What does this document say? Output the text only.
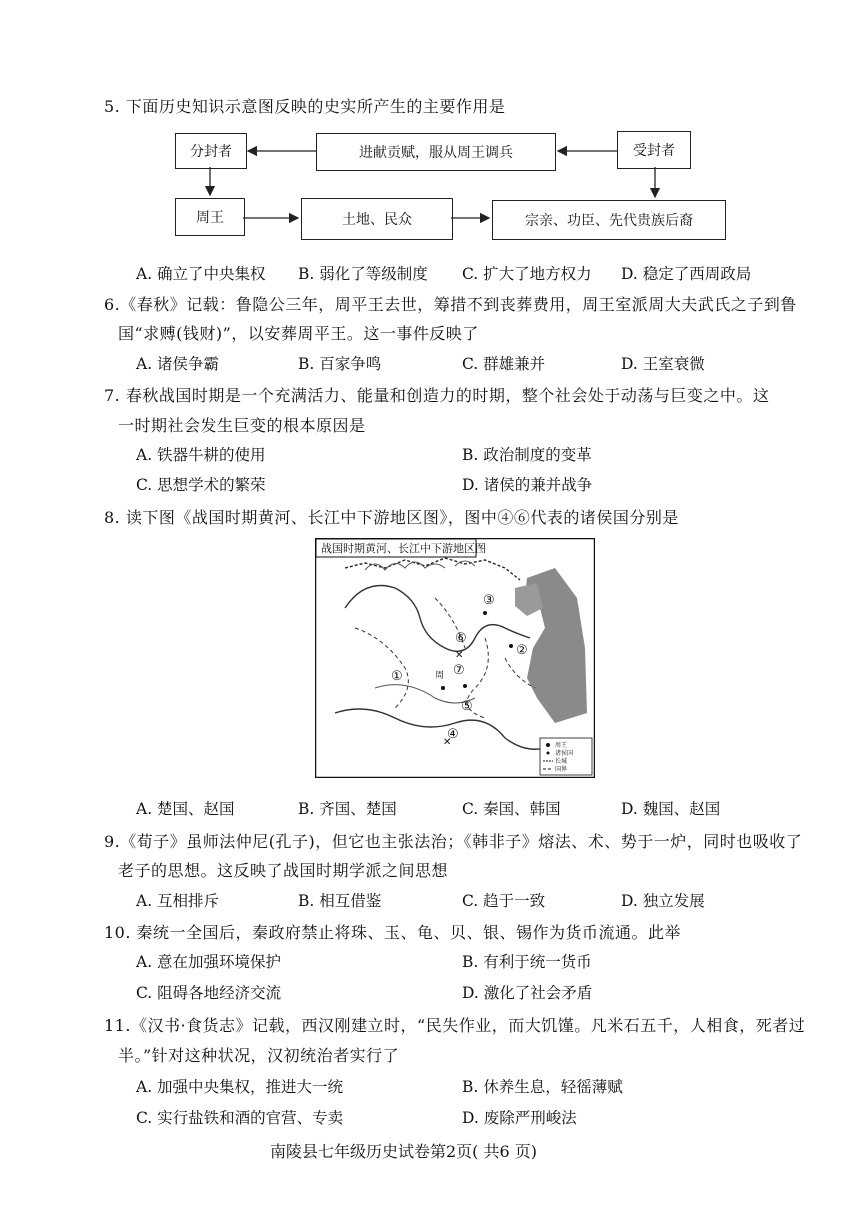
5. 下面历史知识示意图反映的史实所产生的主要作用是
分封者	进献贡赋，服从周王调兵	受封者
周王	土地、民众	宗亲、功臣、先代贵族后裔
A. 确立了中央集权 B. 弱化了等级制度 C. 扩大了地方权力 D. 稳定了西周政局
6.《春秋》记载：鲁隐公三年，周平王去世，筹措不到丧葬费用，周王室派周大夫武氏之子到鲁
国“求赙(钱财)”，以安葬周平王。这一事件反映了
A. 诸侯争霸	B. 百家争鸣	C. 群雄兼并	D. 王室衰微
7. 春秋战国时期是一个充满活力、能量和创造力的时期，整个社会处于动荡与巨变之中。这
一时期社会发生巨变的根本原因是
A. 铁器牛耕的使用	B. 政治制度的变革
C. 思想学术的繁荣	D. 诸侯的兼并战争
8. 读下图《战国时期黄河、长江中下游地区图》，图中④⑥代表的诸侯国分别是
战国时期黄河、长江中下游地区图
③
⑥
②
①	⑦
⑤
④
周
✕
✕	周王
诸侯国
长城
国界
A. 楚国、赵国	B. 齐国、楚国	C. 秦国、韩国	D. 魏国、赵国
9.《荀子》虽师法仲尼(孔子)，但它也主张法治；《韩非子》熔法、术、势于一炉，同时也吸收了
老子的思想。这反映了战国时期学派之间思想
A. 互相排斥	B. 相互借鉴	C. 趋于一致	D. 独立发展
10. 秦统一全国后，秦政府禁止将珠、玉、龟、贝、银、锡作为货币流通。此举
A. 意在加强环境保护	B. 有利于统一货币
C. 阻碍各地经济交流	D. 激化了社会矛盾
11.《汉书·食货志》记载，西汉刚建立时，“民失作业，而大饥馑。凡米石五千，人相食，死者过
半。”针对这种状况，汉初统治者实行了
A. 加强中央集权，推进大一统	B. 休养生息，轻徭薄赋
C. 实行盐铁和酒的官营、专卖	D. 废除严刑峻法
南陵县七年级历史试卷第2页( 共6 页)
